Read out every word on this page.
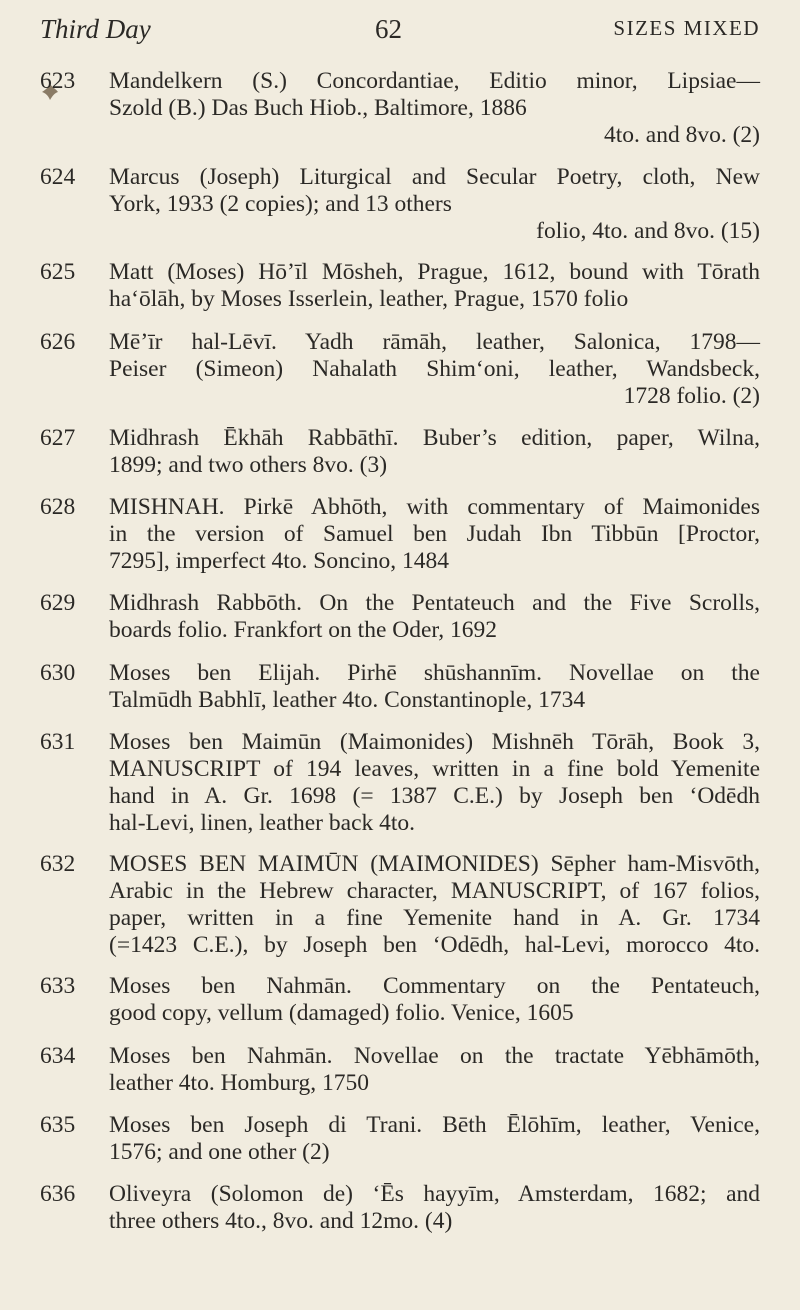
Third Day	62	SIZES MIXED
623	Mandelkern (S.) Concordantiae, Editio minor, Lipsiae—
Szold (B.) Das Buch Hiob., Baltimore, 1886
4to. and 8vo. (2)
624	Marcus (Joseph) Liturgical and Secular Poetry, cloth, New
York, 1933 (2 copies); and 13 others
folio, 4to. and 8vo. (15)
625	Matt (Moses) Hō’īl Mōsheh, Prague, 1612, bound with Tōrath
ha‘ōlāh, by Moses Isserlein, leather, Prague, 1570 folio
626	Mē’īr hal-Lēvī. Yadh rāmāh, leather, Salonica, 1798—
Peiser (Simeon) Nahalath Shim‘oni, leather, Wandsbeck,
1728 folio. (2)
627	Midhrash Ēkhāh Rabbāthī. Buber’s edition, paper, Wilna,
1899; and two others 8vo. (3)
628	MISHNAH. Pirkē Abhōth, with commentary of Maimonides
in the version of Samuel ben Judah Ibn Tibbūn [Proctor,
7295], imperfect 4to. Soncino, 1484
629	Midhrash Rabbōth. On the Pentateuch and the Five Scrolls,
boards folio. Frankfort on the Oder, 1692
630	Moses ben Elijah. Pirhē shūshannīm. Novellae on the
Talmūdh Babhlī, leather 4to. Constantinople, 1734
631	Moses ben Maimūn (Maimonides) Mishnēh Tōrāh, Book 3,
MANUSCRIPT of 194 leaves, written in a fine bold Yemenite
hand in A. Gr. 1698 (= 1387 C.E.) by Joseph ben ‘Odēdh
hal-Levi, linen, leather back 4to.
632	MOSES BEN MAIMŪN (MAIMONIDES) Sēpher ham-Misvōth,
Arabic in the Hebrew character, MANUSCRIPT, of 167 folios,
paper, written in a fine Yemenite hand in A. Gr. 1734
(=1423 C.E.), by Joseph ben ‘Odēdh, hal-Levi, morocco 4to.
633	Moses ben Nahmān. Commentary on the Pentateuch,
good copy, vellum (damaged) folio. Venice, 1605
634	Moses ben Nahmān. Novellae on the tractate Yēbhāmōth,
leather 4to. Homburg, 1750
635	Moses ben Joseph di Trani. Bēth Ēlōhīm, leather, Venice,
1576; and one other (2)
636	Oliveyra (Solomon de) ‘Ēs hayyīm, Amsterdam, 1682; and
three others 4to., 8vo. and 12mo. (4)
